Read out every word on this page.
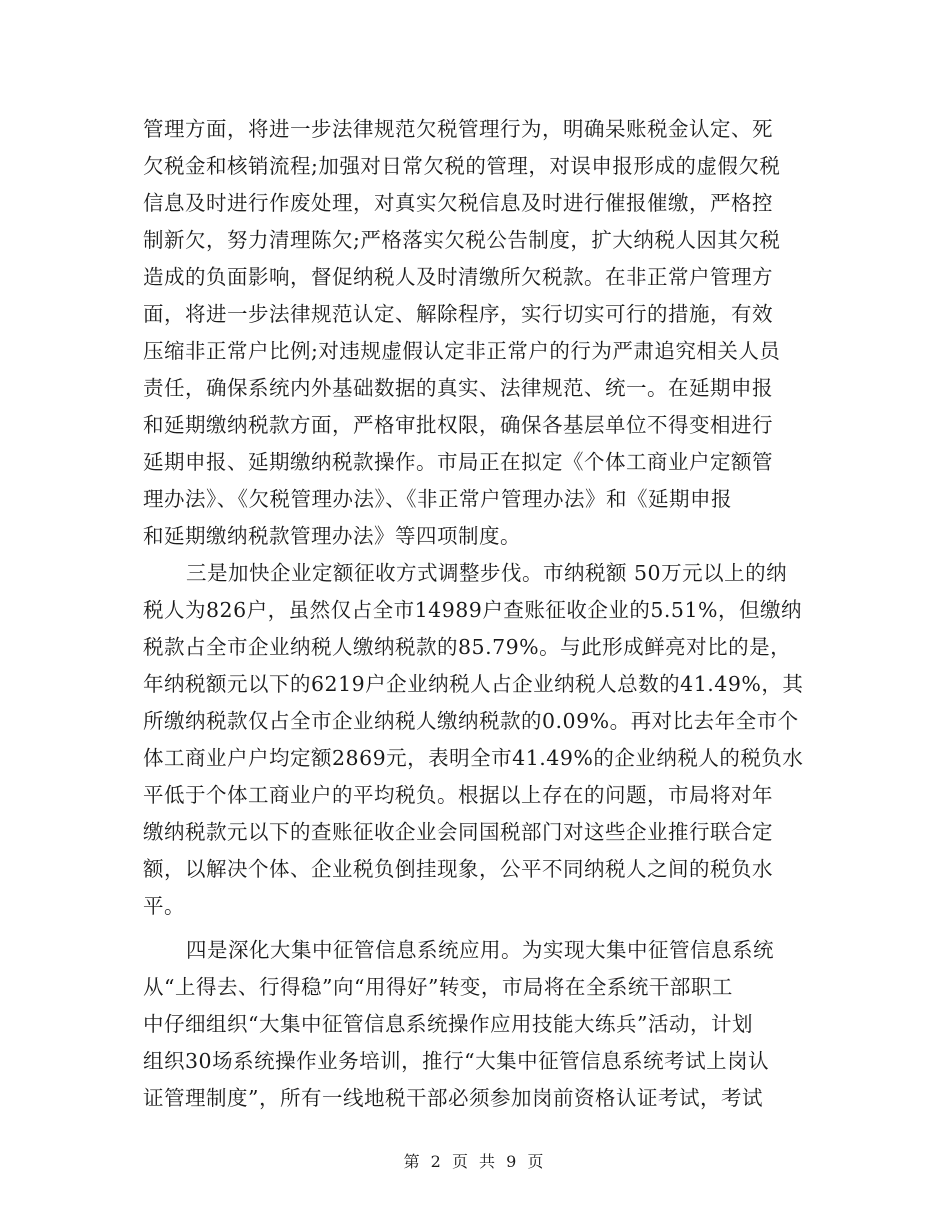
管理方面，将进一步法律规范欠税管理行为，明确呆账税金认定、死
欠税金和核销流程;加强对日常欠税的管理，对误申报形成的虚假欠税
信息及时进行作废处理，对真实欠税信息及时进行催报催缴，严格控
制新欠，努力清理陈欠;严格落实欠税公告制度，扩大纳税人因其欠税
造成的负面影响，督促纳税人及时清缴所欠税款。在非正常户管理方
面，将进一步法律规范认定、解除程序，实行切实可行的措施，有效
压缩非正常户比例;对违规虚假认定非正常户的行为严肃追究相关人员
责任，确保系统内外基础数据的真实、法律规范、统一。在延期申报
和延期缴纳税款方面，严格审批权限，确保各基层单位不得变相进行
延期申报、延期缴纳税款操作。市局正在拟定《个体工商业户定额管
理办法》、《欠税管理办法》、《非正常户管理办法》和《延期申报
和延期缴纳税款管理办法》等四项制度。
三是加快企业定额征收方式调整步伐。市纳税额 50万元以上的纳
税人为826户，虽然仅占全市14989户查账征收企业的5.51%，但缴纳
税款占全市企业纳税人缴纳税款的85.79%。与此形成鲜亮对比的是，
年纳税额元以下的6219户企业纳税人占企业纳税人总数的41.49%，其
所缴纳税款仅占全市企业纳税人缴纳税款的0.09%。再对比去年全市个
体工商业户户均定额2869元，表明全市41.49%的企业纳税人的税负水
平低于个体工商业户的平均税负。根据以上存在的问题，市局将对年
缴纳税款元以下的查账征收企业会同国税部门对这些企业推行联合定
额，以解决个体、企业税负倒挂现象，公平不同纳税人之间的税负水
平。
四是深化大集中征管信息系统应用。为实现大集中征管信息系统
从“上得去、行得稳”向“用得好”转变，市局将在全系统干部职工
中仔细组织“大集中征管信息系统操作应用技能大练兵”活动，计划
组织30场系统操作业务培训，推行“大集中征管信息系统考试上岗认
证管理制度”，所有一线地税干部必须参加岗前资格认证考试，考试
第 2 页 共 9 页
